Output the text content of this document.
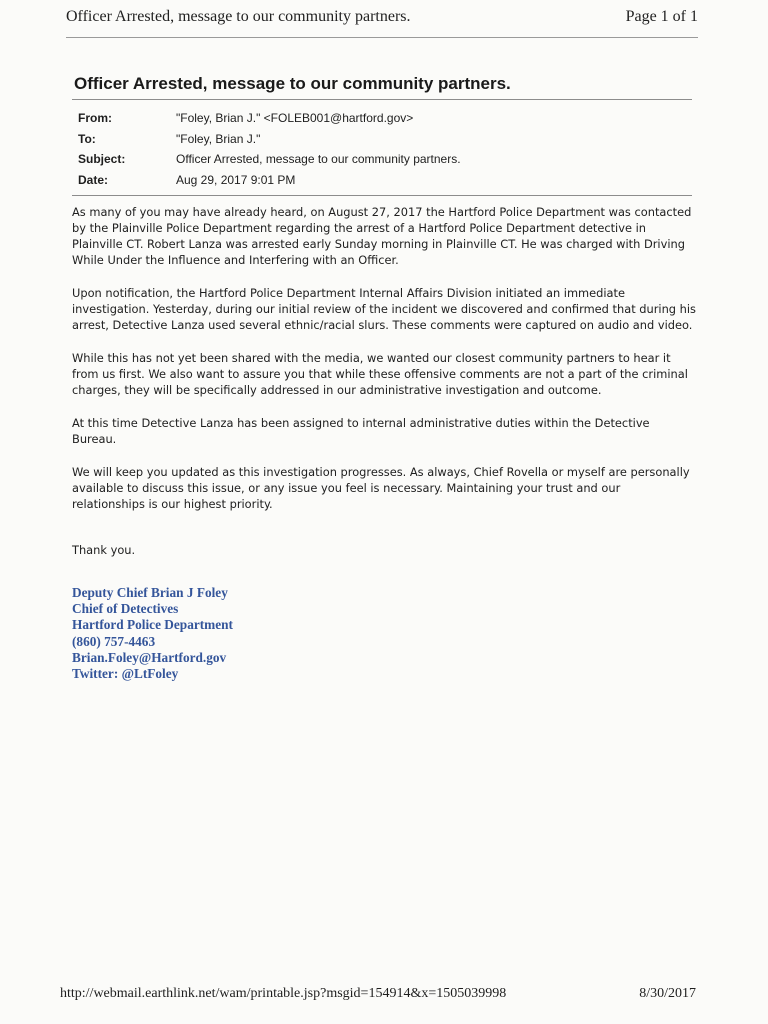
Officer Arrested, message to our community partners.	Page 1 of 1
Officer Arrested, message to our community partners.
From:	"Foley, Brian J." <FOLEB001@hartford.gov>
To:	"Foley, Brian J."
Subject:	Officer Arrested, message to our community partners.
Date:	Aug 29, 2017 9:01 PM

As many of you may have already heard, on August 27, 2017 the Hartford Police Department was contacted by the Plainville Police Department regarding the arrest of a Hartford Police Department detective in Plainville CT. Robert Lanza was arrested early Sunday morning in Plainville CT. He was charged with Driving While Under the Influence and Interfering with an Officer.

Upon notification, the Hartford Police Department Internal Affairs Division initiated an immediate investigation. Yesterday, during our initial review of the incident we discovered and confirmed that during his arrest, Detective Lanza used several ethnic/racial slurs. These comments were captured on audio and video.

While this has not yet been shared with the media, we wanted our closest community partners to hear it from us first. We also want to assure you that while these offensive comments are not a part of the criminal charges, they will be specifically addressed in our administrative investigation and outcome.

At this time Detective Lanza has been assigned to internal administrative duties within the Detective Bureau.

We will keep you updated as this investigation progresses. As always, Chief Rovella or myself are personally available to discuss this issue, or any issue you feel is necessary. Maintaining your trust and our relationships is our highest priority.

Thank you.

Deputy Chief Brian J Foley
Chief of Detectives
Hartford Police Department
(860) 757-4463
Brian.Foley@Hartford.gov
Twitter: @LtFoley
http://webmail.earthlink.net/wam/printable.jsp?msgid=154914&x=1505039998	8/30/2017
